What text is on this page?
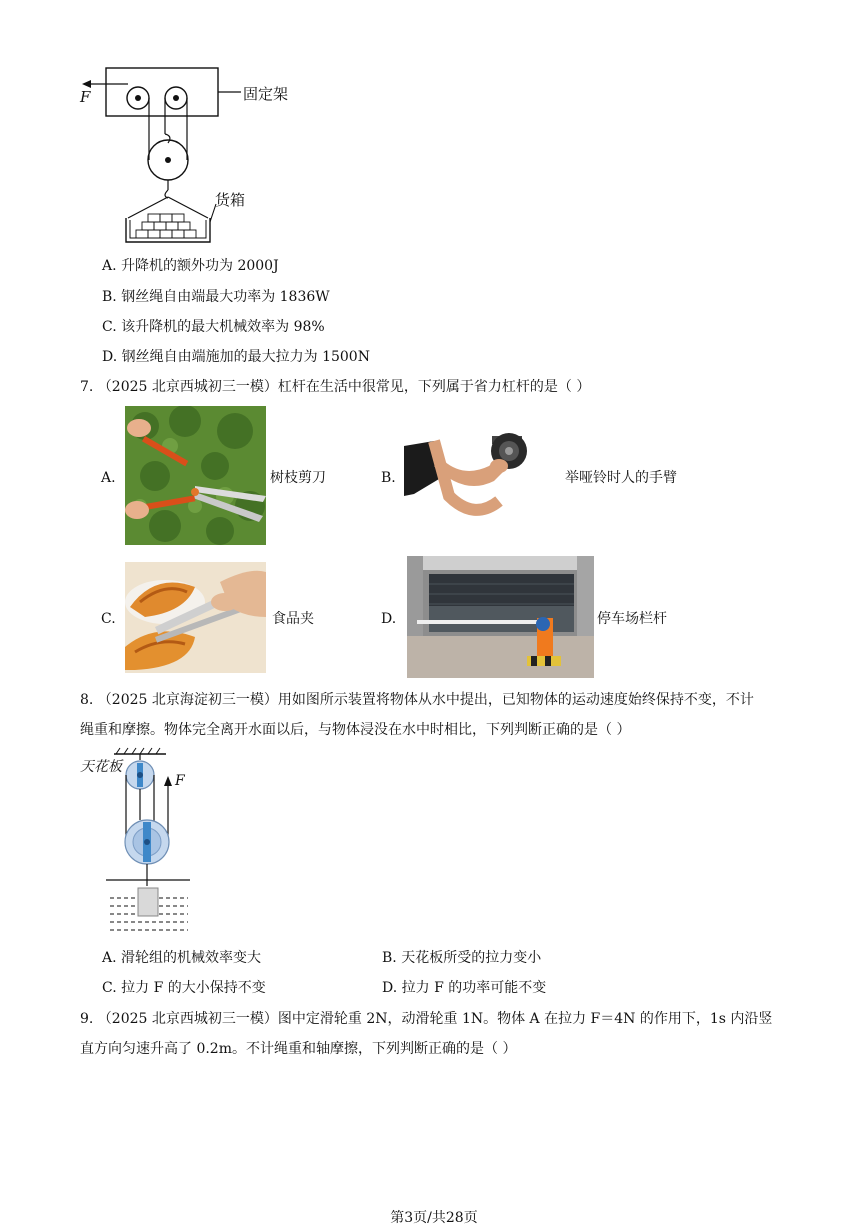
F	固定架
货箱
A. 升降机的额外功为 2000J
B. 钢丝绳自由端最大功率为 1836W
C. 该升降机的最大机械效率为 98%
D. 钢丝绳自由端施加的最大拉力为 1500N
7. （2025 北京西城初三一模）杠杆在生活中很常见，下列属于省力杠杆的是（ ）
A.	树枝剪刀	B.	举哑铃时人的手臂
C.	食品夹	D.	停车场栏杆
8. （2025 北京海淀初三一模）用如图所示装置将物体从水中提出，已知物体的运动速度始终保持不变，不计
绳重和摩擦。物体完全离开水面以后，与物体浸没在水中时相比，下列判断正确的是（ ）
天花板
F
A. 滑轮组的机械效率变大	B. 天花板所受的拉力变小
C. 拉力 F 的大小保持不变	D. 拉力 F 的功率可能不变
9. （2025 北京西城初三一模）图中定滑轮重 2N，动滑轮重 1N。物体 A 在拉力 F＝4N 的作用下，1s 内沿竖
直方向匀速升高了 0.2m。不计绳重和轴摩擦，下列判断正确的是（ ）
第3页/共28页
